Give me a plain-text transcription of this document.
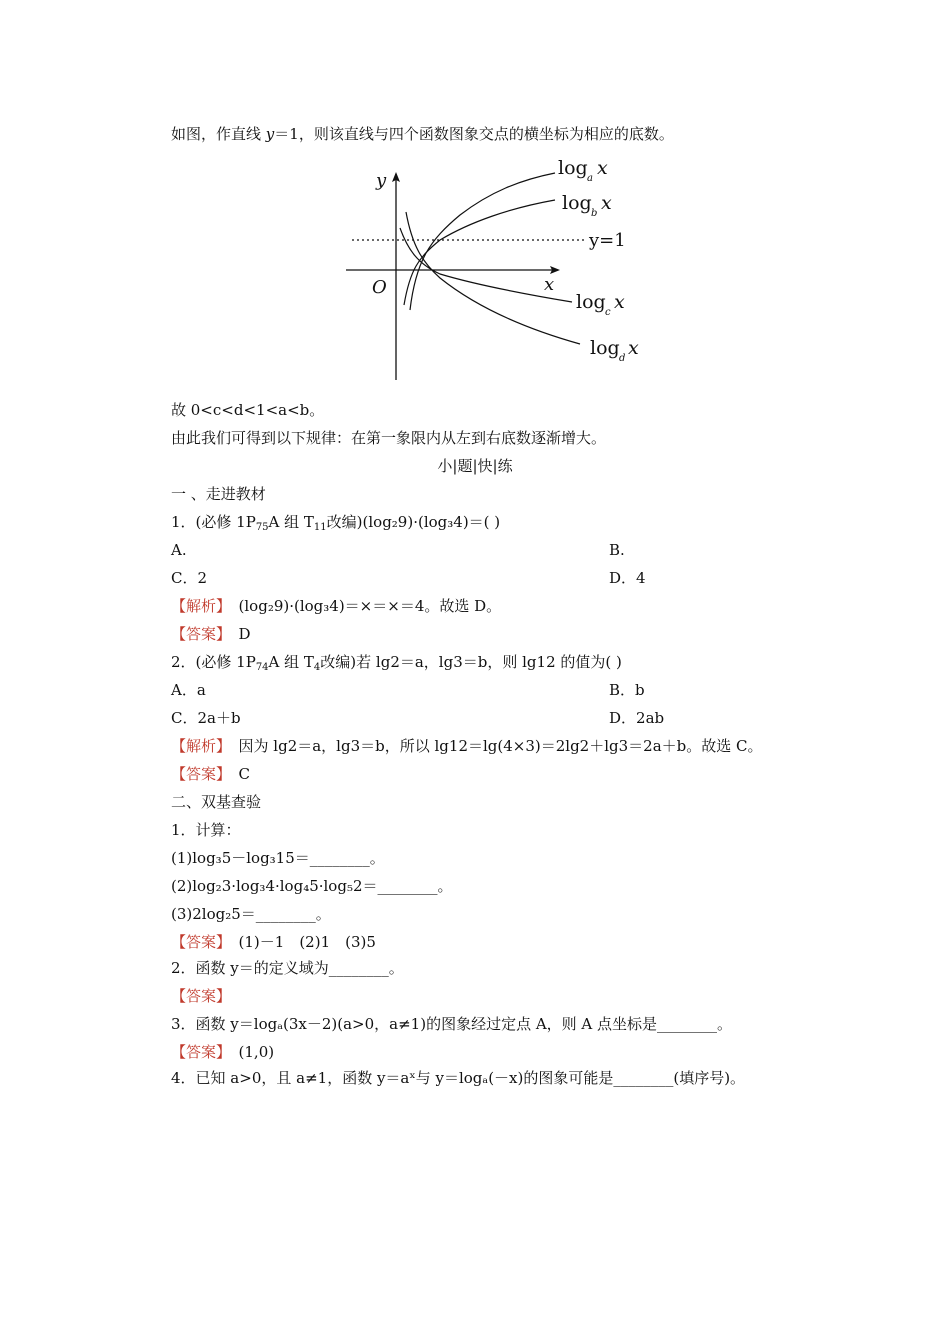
如图，作直线 y＝1，则该直线与四个函数图象交点的横坐标为相应的底数。
y
x
O
y=1
log a x
log b x
log c x
log d x
故 0<c<d<1<a<b。
由此我们可得到以下规律：在第一象限内从左到右底数逐渐增大。
小|题|快|练
一 、走进教材
1．(必修 $1P_{75}A$ 组 $T_{11}$改编)(log₂9)·(log₃4)＝( )
A.	B.
C．2	D．4
【解析】　 (log₂9)·(log₃4)＝×＝×＝4。故选 D。
【答案】　 D
2．(必修 $1P_{74}A$ 组 $T_4$改编)若 lg2＝a，lg3＝b，则 lg12 的值为( )
A．a	B．b
C．2a＋b	D．2ab
【解析】　 因为 lg2＝a，lg3＝b，所以 lg12＝lg(4×3)＝2lg2＋lg3＝2a＋b。故选 C。
【答案】　 C
二、双基查验
1．计算：
(1)log₃5－log₃15＝________。
(2)log₂3·log₃4·log₄5·log₅2＝________。
(3)2log₂5＝________。
【答案】　 (1)－1　(2)1　(3)5
2．函数 y＝的定义域为________。
【答案】
3．函数 y＝logₐ(3x－2)(a>0，a≠1)的图象经过定点 A，则 A 点坐标是________。
【答案】　 (1,0)
4．已知 a>0，且 a≠1，函数 y＝aˣ与 y＝logₐ(－x)的图象可能是________(填序号)。
